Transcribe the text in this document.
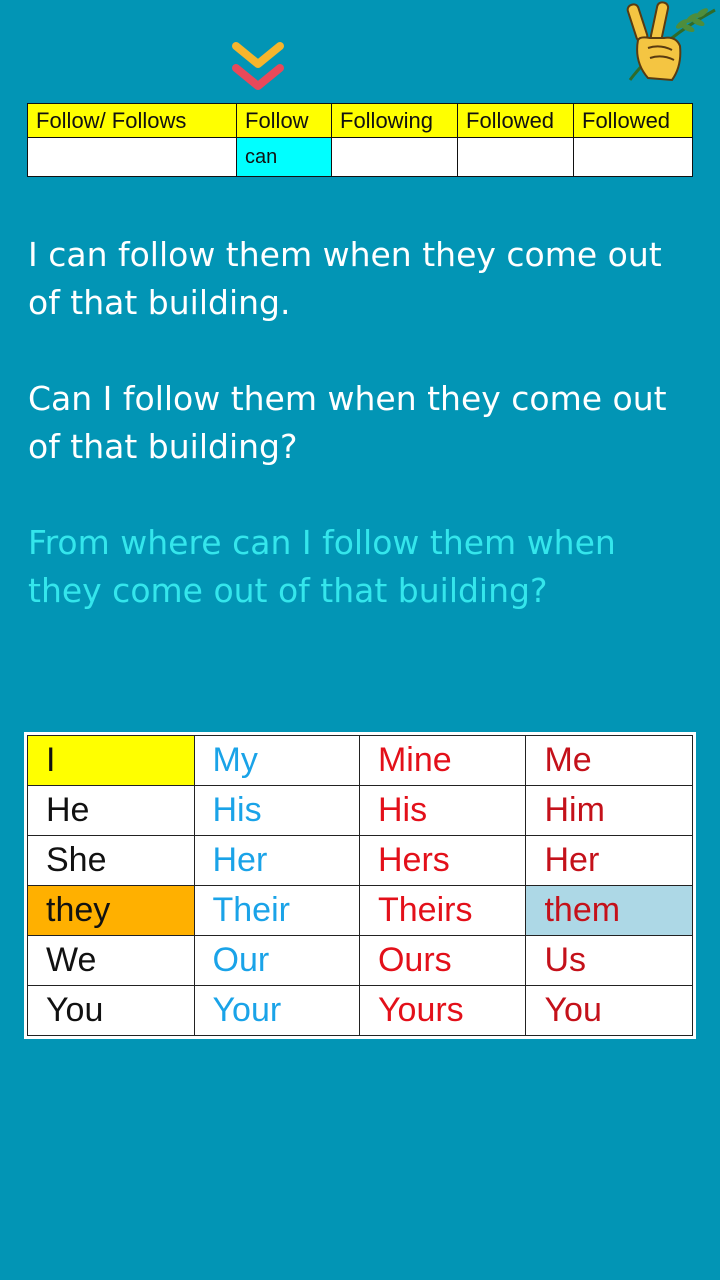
Follow/ Follows	Follow	Following	Followed	Followed
	can			
I can follow them when they come out of that building.
Can I follow them when they come out of that building?
From where can I follow them when they come out of that building?
I	My	Mine	Me
He	His	His	Him
She	Her	Hers	Her
they	Their	Theirs	them
We	Our	Ours	Us
You	Your	Yours	You
